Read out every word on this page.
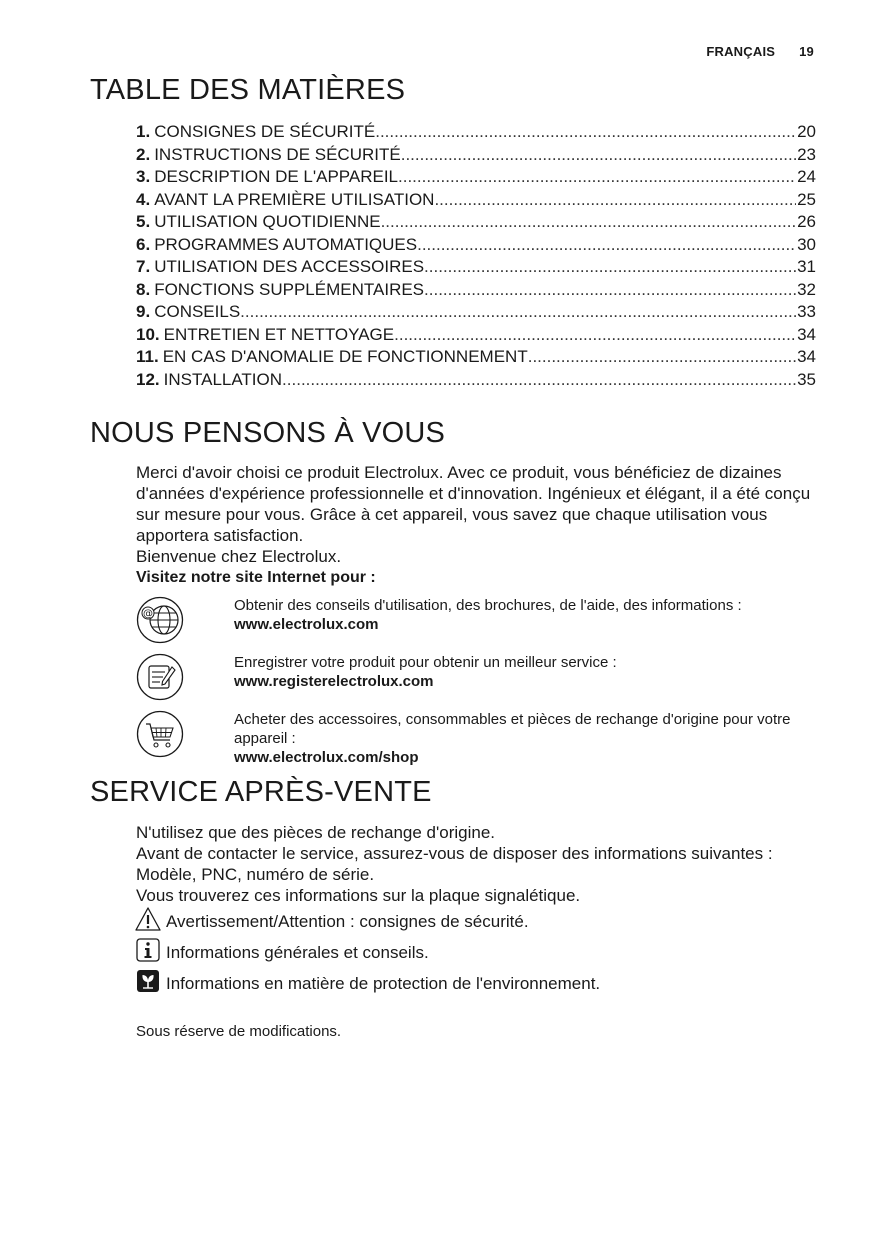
FRANÇAIS 19
TABLE DES MATIÈRES
1. CONSIGNES DE SÉCURITÉ .....	20
2. INSTRUCTIONS DE SÉCURITÉ .....	23
3. DESCRIPTION DE L'APPAREIL .....	24
4. AVANT LA PREMIÈRE UTILISATION .....	25
5. UTILISATION QUOTIDIENNE .....	26
6. PROGRAMMES AUTOMATIQUES .....	30
7. UTILISATION DES ACCESSOIRES .....	31
8. FONCTIONS SUPPLÉMENTAIRES .....	32
9. CONSEILS .....	33
10. ENTRETIEN ET NETTOYAGE .....	34
11. EN CAS D'ANOMALIE DE FONCTIONNEMENT .....	34
12. INSTALLATION .....	35
NOUS PENSONS À VOUS

Merci d'avoir choisi ce produit Electrolux. Avec ce produit, vous bénéficiez de dizaines d'années d'expérience professionnelle et d'innovation. Ingénieux et élégant, il a été conçu sur mesure pour vous. Grâce à cet appareil, vous savez que chaque utilisation vous apportera satisfaction.

Bienvenue chez Electrolux.

Visitez notre site Internet pour :

@	Obtenir des conseils d'utilisation, des brochures, de l'aide, des informations :
www.electrolux.com
Enregistrer votre produit pour obtenir un meilleur service :
www.registerelectrolux.com
Acheter des accessoires, consommables et pièces de rechange d'origine pour votre appareil :
www.electrolux.com/shop
SERVICE APRÈS-VENTE

N'utilisez que des pièces de rechange d'origine.

Avant de contacter le service, assurez-vous de disposer des informations suivantes : Modèle, PNC, numéro de série.

Vous trouverez ces informations sur la plaque signalétique.

Avertissement/Attention : consignes de sécurité.
Informations générales et conseils.
Informations en matière de protection de l'environnement.
Sous réserve de modifications.
